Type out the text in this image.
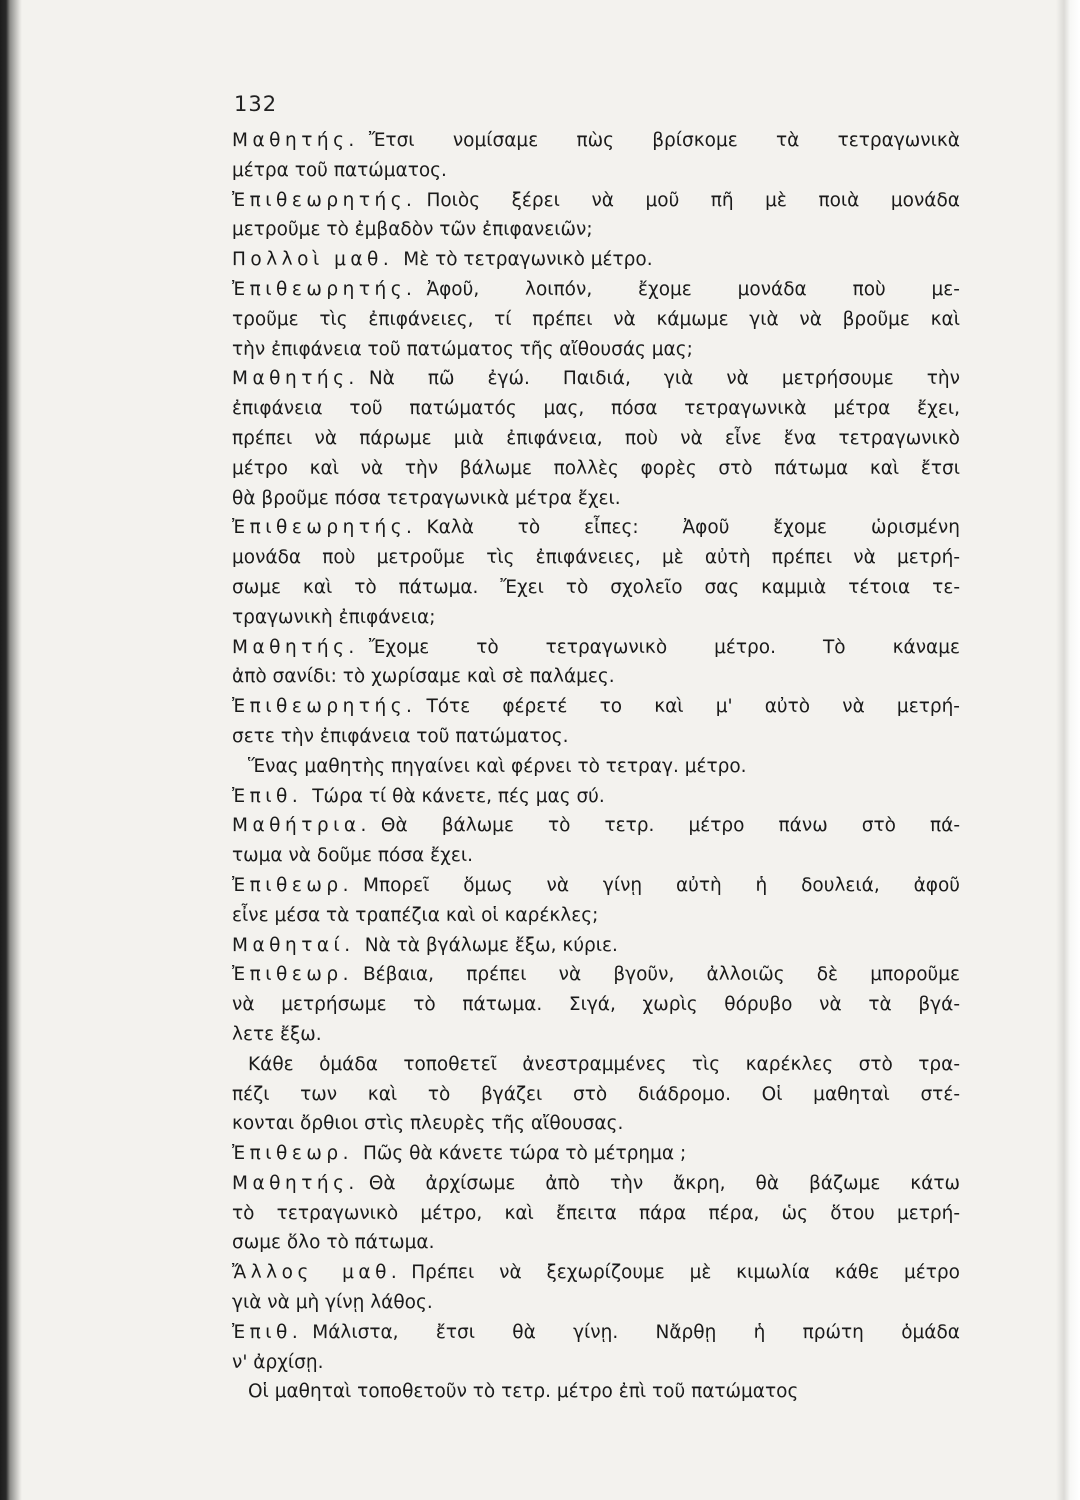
132
Μαθητής. Ἔτσι νομίσαμε πὼς βρίσκομε τὰ τετραγωνικὰ
μέτρα τοῦ πατώματος.
Ἐπιθεωρητής. Ποιὸς ξέρει νὰ μοῦ πῆ μὲ ποιὰ μονάδα
μετροῦμε τὸ ἐμβαδὸν τῶν ἐπιφανειῶν;
Πολλοὶ μαθ. Μὲ τὸ τετραγωνικὸ μέτρο.
Ἐπιθεωρητής. Ἀφοῦ, λοιπόν, ἔχομε μονάδα ποὺ με-
τροῦμε τὶς ἐπιφάνειες, τί πρέπει νὰ κάμωμε γιὰ νὰ βροῦμε καὶ
τὴν ἐπιφάνεια τοῦ πατώματος τῆς αἴθουσάς μας;
Μαθητής. Νὰ πῶ ἐγώ. Παιδιά, γιὰ νὰ μετρήσουμε τὴν
ἐπιφάνεια τοῦ πατώματός μας, πόσα τετραγωνικὰ μέτρα ἔχει,
πρέπει νὰ πάρωμε μιὰ ἐπιφάνεια, ποὺ νὰ εἶνε ἕνα τετραγωνικὸ
μέτρο καὶ νὰ τὴν βάλωμε πολλὲς φορὲς στὸ πάτωμα καὶ ἔτσι
θὰ βροῦμε πόσα τετραγωνικὰ μέτρα ἔχει.
Ἐπιθεωρητής. Καλὰ τὸ εἶπες: Ἀφοῦ ἔχομε ὡρισμένη
μονάδα ποὺ μετροῦμε τὶς ἐπιφάνειες, μὲ αὐτὴ πρέπει νὰ μετρή-
σωμε καὶ τὸ πάτωμα. Ἔχει τὸ σχολεῖο σας καμμιὰ τέτοια τε-
τραγωνικὴ ἐπιφάνεια;
Μαθητής. Ἔχομε τὸ τετραγωνικὸ μέτρο. Τὸ κάναμε
ἀπὸ σανίδι: τὸ χωρίσαμε καὶ σὲ παλάμες.
Ἐπιθεωρητής. Τότε φέρετέ το καὶ μ' αὐτὸ νὰ μετρή-
σετε τὴν ἐπιφάνεια τοῦ πατώματος.
Ἕνας μαθητὴς πηγαίνει καὶ φέρνει τὸ τετραγ. μέτρο.
Ἐπιθ. Τώρα τί θὰ κάνετε, πές μας σύ.
Μαθήτρια. Θὰ βάλωμε τὸ τετρ. μέτρο πάνω στὸ πά-
τωμα νὰ δοῦμε πόσα ἔχει.
Ἐπιθεωρ. Μπορεῖ ὅμως νὰ γίνῃ αὐτὴ ἡ δουλειά, ἀφοῦ
εἶνε μέσα τὰ τραπέζια καὶ οἱ καρέκλες;
Μαθηταί. Νὰ τὰ βγάλωμε ἔξω, κύριε.
Ἐπιθεωρ. Βέβαια, πρέπει νὰ βγοῦν, ἀλλοιῶς δὲ μποροῦμε
νὰ μετρήσωμε τὸ πάτωμα. Σιγά, χωρὶς θόρυβο νὰ τὰ βγά-
λετε ἔξω.
Κάθε ὁμάδα τοποθετεῖ ἀνεστραμμένες τὶς καρέκλες στὸ τρα-
πέζι των καὶ τὸ βγάζει στὸ διάδρομο. Οἱ μαθηταὶ στέ-
κονται ὄρθιοι στὶς πλευρὲς τῆς αἴθουσας.
Ἐπιθεωρ. Πῶς θὰ κάνετε τώρα τὸ μέτρημα ;
Μαθητής. Θὰ ἀρχίσωμε ἀπὸ τὴν ἄκρη, θὰ βάζωμε κάτω
τὸ τετραγωνικὸ μέτρο, καὶ ἔπειτα πάρα πέρα, ὡς ὅτου μετρή-
σωμε ὅλο τὸ πάτωμα.
Ἄλλος μαθ. Πρέπει νὰ ξεχωρίζουμε μὲ κιμωλία κάθε μέτρο
γιὰ νὰ μὴ γίνῃ λάθος.
Ἐπιθ. Μάλιστα, ἔτσι θὰ γίνῃ. Νἄρθῃ ἡ πρώτη ὁμάδα
ν' ἀρχίσῃ.
Οἱ μαθηταὶ τοποθετοῦν τὸ τετρ. μέτρο ἐπὶ τοῦ πατώματος
